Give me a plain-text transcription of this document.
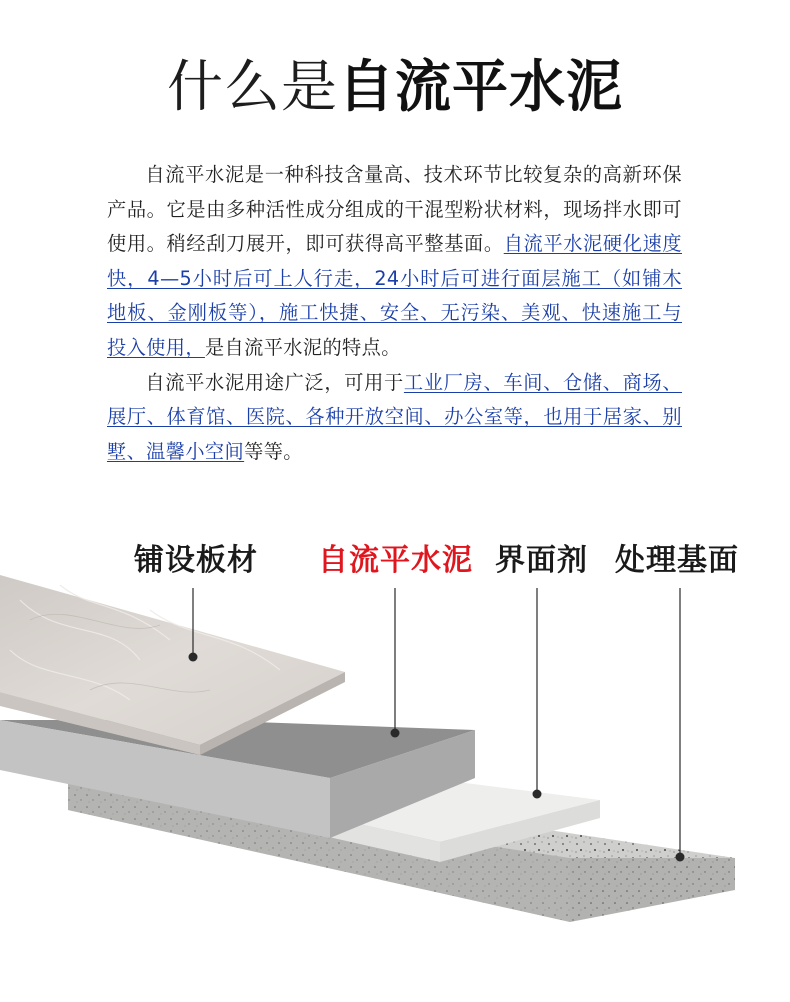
什么是自流平水泥

自流平水泥是一种科技含量高、技术环节比较复杂的高新环保产品。它是由多种活性成分组成的干混型粉状材料，现场拌水即可使用。稍经刮刀展开，即可获得高平整基面。自流平水泥硬化速度快，4—5小时后可上人行走，24小时后可进行面层施工（如铺木地板、金刚板等），施工快捷、安全、无污染、美观、快速施工与投入使用，是自流平水泥的特点。

自流平水泥用途广泛，可用于工业厂房、车间、仓储、商场、展厅、体育馆、医院、各种开放空间、办公室等，也用于居家、别墅、温馨小空间等等。

铺设板材 自流平水泥 界面剂 处理基面
